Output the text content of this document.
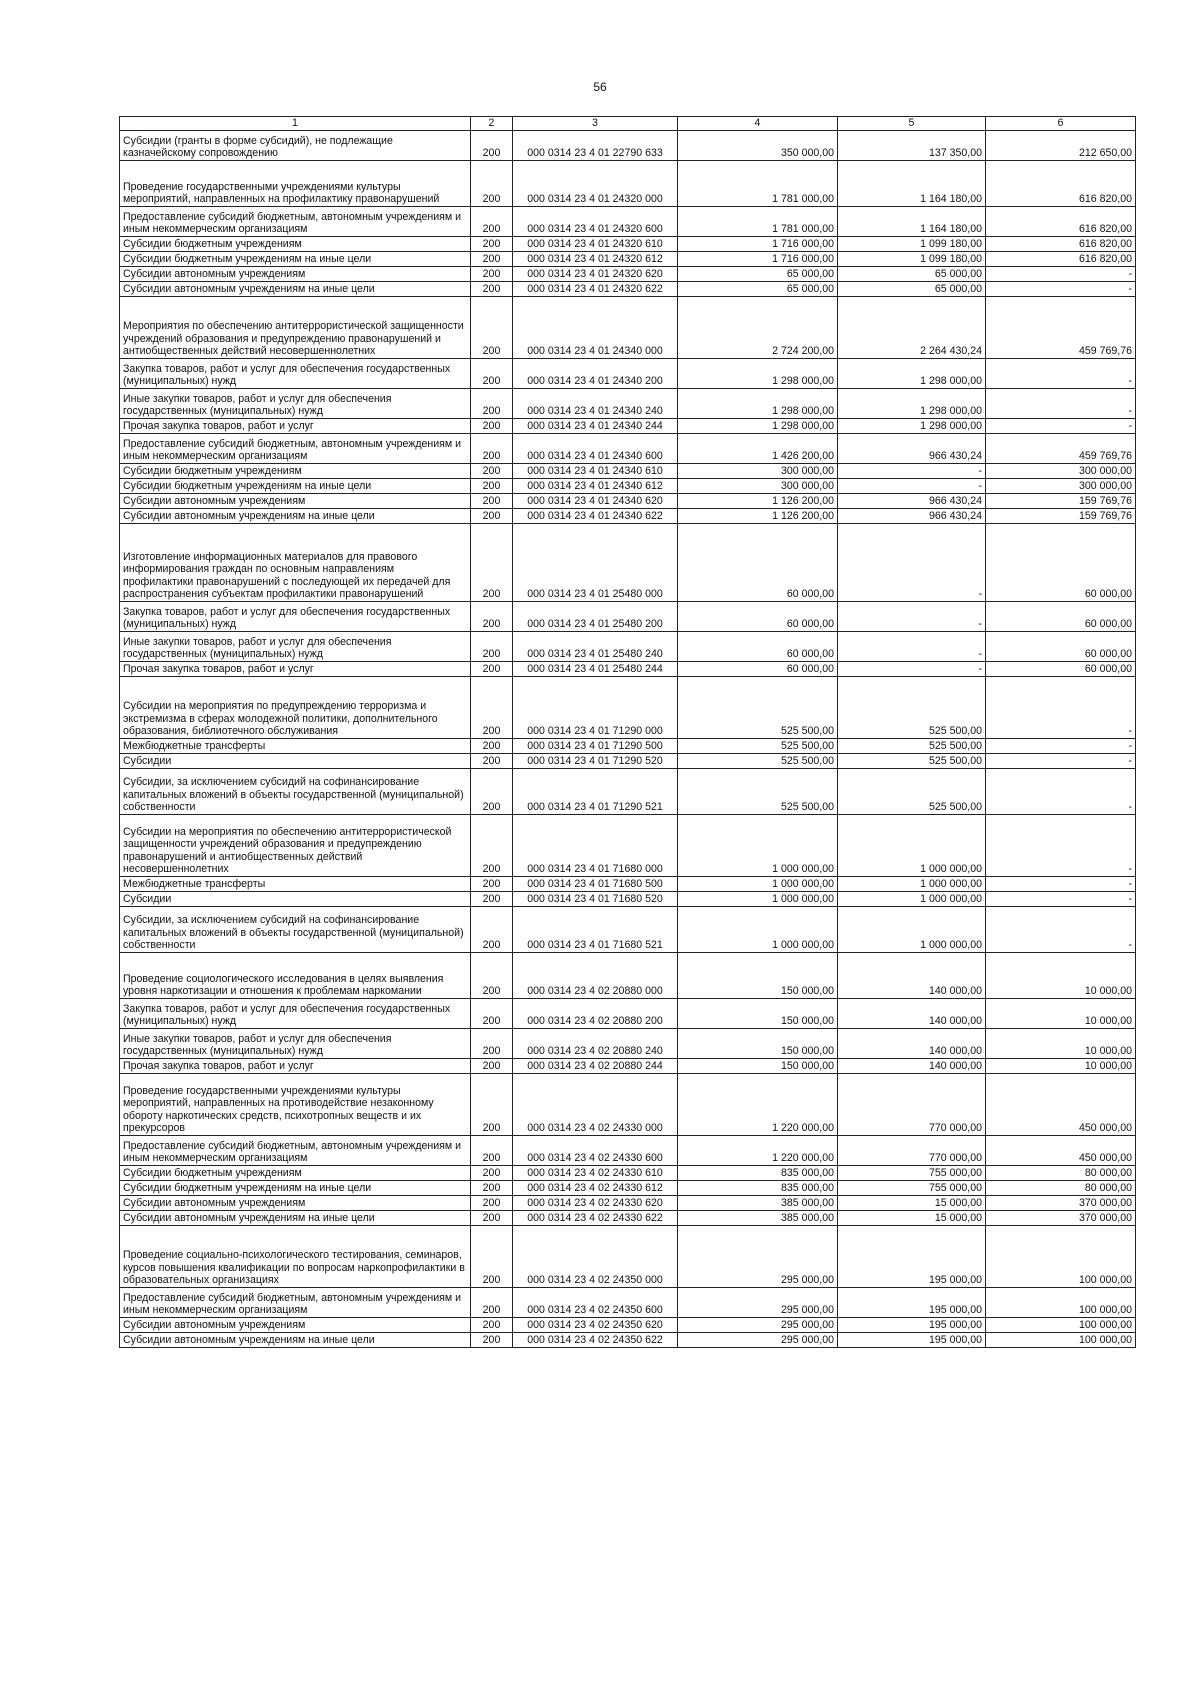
56
1	2	3	4	5	6
Субсидии (гранты в форме субсидий), не подлежащие казначейскому сопровождению	200	000 0314 23 4 01 22790 633	350 000,00	137 350,00	212 650,00
Проведение государственными учреждениями культуры мероприятий, направленных на профилактику правонарушений	200	000 0314 23 4 01 24320 000	1 781 000,00	1 164 180,00	616 820,00
Предоставление субсидий бюджетным, автономным учреждениям и иным некоммерческим организациям	200	000 0314 23 4 01 24320 600	1 781 000,00	1 164 180,00	616 820,00
Субсидии бюджетным учреждениям	200	000 0314 23 4 01 24320 610	1 716 000,00	1 099 180,00	616 820,00
Субсидии бюджетным учреждениям на иные цели	200	000 0314 23 4 01 24320 612	1 716 000,00	1 099 180,00	616 820,00
Субсидии автономным учреждениям	200	000 0314 23 4 01 24320 620	65 000,00	65 000,00	-
Субсидии автономным учреждениям на иные цели	200	000 0314 23 4 01 24320 622	65 000,00	65 000,00	-
Мероприятия по обеспечению антитеррористической защищенности учреждений образования и предупреждению правонарушений и антиобщественных действий несовершеннолетних	200	000 0314 23 4 01 24340 000	2 724 200,00	2 264 430,24	459 769,76
Закупка товаров, работ и услуг для обеспечения государственных (муниципальных) нужд	200	000 0314 23 4 01 24340 200	1 298 000,00	1 298 000,00	-
Иные закупки товаров, работ и услуг для обеспечения государственных (муниципальных) нужд	200	000 0314 23 4 01 24340 240	1 298 000,00	1 298 000,00	-
Прочая закупка товаров, работ и услуг	200	000 0314 23 4 01 24340 244	1 298 000,00	1 298 000,00	-
Предоставление субсидий бюджетным, автономным учреждениям и иным некоммерческим организациям	200	000 0314 23 4 01 24340 600	1 426 200,00	966 430,24	459 769,76
Субсидии бюджетным учреждениям	200	000 0314 23 4 01 24340 610	300 000,00	-	300 000,00
Субсидии бюджетным учреждениям на иные цели	200	000 0314 23 4 01 24340 612	300 000,00	-	300 000,00
Субсидии автономным учреждениям	200	000 0314 23 4 01 24340 620	1 126 200,00	966 430,24	159 769,76
Субсидии автономным учреждениям на иные цели	200	000 0314 23 4 01 24340 622	1 126 200,00	966 430,24	159 769,76
Изготовление информационных материалов для правового информирования граждан по основным направлениям профилактики правонарушений с последующей их передачей для распространения субъектам профилактики правонарушений	200	000 0314 23 4 01 25480 000	60 000,00	-	60 000,00
Закупка товаров, работ и услуг для обеспечения государственных (муниципальных) нужд	200	000 0314 23 4 01 25480 200	60 000,00	-	60 000,00
Иные закупки товаров, работ и услуг для обеспечения государственных (муниципальных) нужд	200	000 0314 23 4 01 25480 240	60 000,00	-	60 000,00
Прочая закупка товаров, работ и услуг	200	000 0314 23 4 01 25480 244	60 000,00	-	60 000,00
Субсидии на мероприятия по предупреждению терроризма и экстремизма в сферах молодежной политики, дополнительного образования, библиотечного обслуживания	200	000 0314 23 4 01 71290 000	525 500,00	525 500,00	-
Межбюджетные трансферты	200	000 0314 23 4 01 71290 500	525 500,00	525 500,00	-
Субсидии	200	000 0314 23 4 01 71290 520	525 500,00	525 500,00	-
Субсидии, за исключением субсидий на софинансирование капитальных вложений в объекты государственной (муниципальной) собственности	200	000 0314 23 4 01 71290 521	525 500,00	525 500,00	-
Субсидии на мероприятия по обеспечению антитеррористической защищенности учреждений образования и предупреждению правонарушений и антиобщественных действий несовершеннолетних	200	000 0314 23 4 01 71680 000	1 000 000,00	1 000 000,00	-
Межбюджетные трансферты	200	000 0314 23 4 01 71680 500	1 000 000,00	1 000 000,00	-
Субсидии	200	000 0314 23 4 01 71680 520	1 000 000,00	1 000 000,00	-
Субсидии, за исключением субсидий на софинансирование капитальных вложений в объекты государственной (муниципальной) собственности	200	000 0314 23 4 01 71680 521	1 000 000,00	1 000 000,00	-
Проведение социологического исследования в целях выявления уровня наркотизации и отношения к проблемам наркомании	200	000 0314 23 4 02 20880 000	150 000,00	140 000,00	10 000,00
Закупка товаров, работ и услуг для обеспечения государственных (муниципальных) нужд	200	000 0314 23 4 02 20880 200	150 000,00	140 000,00	10 000,00
Иные закупки товаров, работ и услуг для обеспечения государственных (муниципальных) нужд	200	000 0314 23 4 02 20880 240	150 000,00	140 000,00	10 000,00
Прочая закупка товаров, работ и услуг	200	000 0314 23 4 02 20880 244	150 000,00	140 000,00	10 000,00
Проведение государственными учреждениями культуры мероприятий, направленных на противодействие незаконному обороту наркотических средств, психотропных веществ и их прекурсоров	200	000 0314 23 4 02 24330 000	1 220 000,00	770 000,00	450 000,00
Предоставление субсидий бюджетным, автономным учреждениям и иным некоммерческим организациям	200	000 0314 23 4 02 24330 600	1 220 000,00	770 000,00	450 000,00
Субсидии бюджетным учреждениям	200	000 0314 23 4 02 24330 610	835 000,00	755 000,00	80 000,00
Субсидии бюджетным учреждениям на иные цели	200	000 0314 23 4 02 24330 612	835 000,00	755 000,00	80 000,00
Субсидии автономным учреждениям	200	000 0314 23 4 02 24330 620	385 000,00	15 000,00	370 000,00
Субсидии автономным учреждениям на иные цели	200	000 0314 23 4 02 24330 622	385 000,00	15 000,00	370 000,00
Проведение социально-психологического тестирования, семинаров, курсов повышения квалификации по вопросам наркопрофилактики в образовательных организациях	200	000 0314 23 4 02 24350 000	295 000,00	195 000,00	100 000,00
Предоставление субсидий бюджетным, автономным учреждениям и иным некоммерческим организациям	200	000 0314 23 4 02 24350 600	295 000,00	195 000,00	100 000,00
Субсидии автономным учреждениям	200	000 0314 23 4 02 24350 620	295 000,00	195 000,00	100 000,00
Субсидии автономным учреждениям на иные цели	200	000 0314 23 4 02 24350 622	295 000,00	195 000,00	100 000,00
